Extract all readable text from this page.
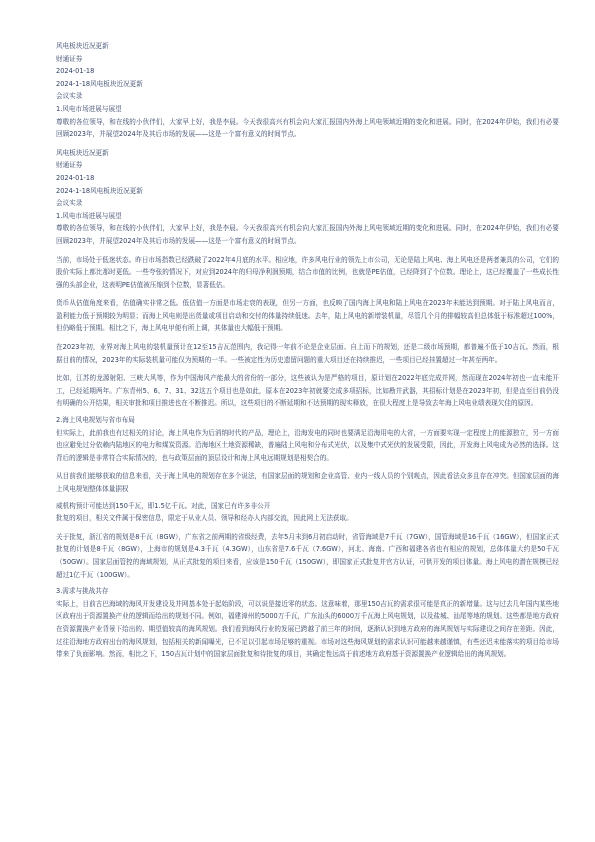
风电板块近况更新
财通证券
2024-01-18
2024-1-18风电板块近况更新
会议实录
1.风电市场进展与展望

尊敬的各位领导，和在线的小伙伴们，大家早上好，我是李晨。今天我很高兴有机会向大家汇报国内外海上风电领域近期的变化和进展。同时，在2024年伊始，我们有必要回顾2023年，并展望2024年及其后市场的发展——这是一个富有意义的时间节点。

风电板块近况更新
财通证券
2024-01-18
2024-1-18风电板块近况更新
会议实录
1.风电市场进展与展望

尊敬的各位领导，和在线的小伙伴们，大家早上好，我是李晨。今天我很高兴有机会向大家汇报国内外海上风电领域近期的变化和进展。同时，在2024年伊始，我们有必要回顾2023年，并展望2024年及其后市场的发展——这是一个富有意义的时间节点。

当前，市场处于低迷状态。昨日市场指数已经跌破了2022年4月底的水平。相应地，许多风电行业的领先上市公司，无论是陆上风电、海上风电还是两者兼具的公司，它们的股价实际上都比那时更低。一些夸张的情况下，对应到2024年的归母净利润预期，结合市值的比例，也就是PE估值，已经降到了个位数。理论上，这已经覆盖了一些成长性强的头部企业，这表明PE估值被压缩到个位数，显著低估。

货币从估值角度来看，估值确实非常之低。低估值一方面是市场走衰的表现，但另一方面，也反映了国内海上风电和陆上风电在2023年未能达到预期。对于陆上风电而言，盈利能力低于预期较为明显；而海上风电则是出货量或项目启动和交付的体量持续低迷。去年，陆上风电的新增装机量，尽管几个月的排幅较高但总体低于标准超过100%，但仍略低于预期。相比之下，海上风电甲便有所上调，其体量也大幅低于预期。

在2023年初，业界对海上风电的装机量预计在12至15吉瓦范围内，我记得一年前不论是企业层面、自上而下的规划，还是二级市场预期，都普遍不低于10吉瓦。然而，根据目前的情况，2023年的实际装机量可能仅为预期的一半。一些被定性为历史遗留问题的重大项目还在持续推迟，一些项目已经挂置超过一年甚至两年。

比如，江苏的龙源射阳、三峡大风等，作为中国海风产能最大的省份的一部分，这些被认为是严格的项目，原计划在2022年底完成并网，然而现在2024年初也一直未能开工，已经延期两年。广东青州5、6、7、31、32这五个项目也是如此，原本在2023年初就要完成多项招标，比如勘井武器，其招标计划是在2023年初，但是直至目前仍没有明确的公开结果，相关审批和项目推进也在不断推迟。所以，这些项目的不断延期和不达预期的现实释放，在很大程度上是导致去年海上风电业绩表现欠佳的原因。

2.海上风电规划与省市布局

但实际上，此前我也有过相关的讨论，海上风电作为后消纳时代的产品，理论上，沿海发电的同时也要满足沿海用电的大省，一方面要实现一定程度上的能源独立，另一方面也应避免过分依赖内陆地区的电力和煤炭资源。沿海地区土地资源稀缺，普遍陆上风电和分布式光伏，以及集中式光伏的发展受限，因此，开发海上风电成为必然的选择。这背后的逻辑是非常符合实际情况的，也与政策层面的顶层设计和海上风电远期规划是相契合的。

从目前我们能够获取的信息来看，关于海上风电的规划存在多个说法，有国家层面的规划和企业高管、业内一线人员的个别观点，因此看法众多且存在冲突。但国家层面的海上风电规划整体体量据权

威机构预计可能达到150千瓦，即1.5亿千瓦。对此，国家已有许多非公开
批复的项目，相关文件属于保密信息，限定于从业人员、领导和经办人内部交流，因此网上无法获取。

关于批复，浙江省的规划是8千瓦（8GW），广东省之前两期的省级经费，去年5月末到6月初启动时，省管海域是7千瓦（7GW），国管海域是16千瓦（16GW），但国家正式批复的计划是8千瓦（8GW），上海市的规划是4.3千瓦（4.3GW），山东省是7.6千瓦（7.6GW），河北、海南、广西和福建各省也有相应的规划，总体体量大约是50千瓦（50GW）。国家层面管控的海域规划，从正式批复的项目来看，应该是150千瓦（150GW），即国家正式批复并官方认证，可供开发的项目体量。海上风电的潜在规模已经超过1亿千瓦（100GW）。

3.需求与挑战共存

实际上，目前古巴海域的海风开发建设及并网基本处于起始阶段，可以说是接近零的状态。这意味着，那里150吉瓦的需求很可能是真正的新增量。这与过去几年国内某些地区政府出于资源置换产业的逻辑而给出的规划不同。例如，福建漳州的5000万千瓦，广东汕头的6000万千瓦海上风电规划，以及盐城、汕尾等地的规划。这些都是地方政府在资源置换产业背景下给出的、期望值较高的海风规划。我们看到海风行业的发展已跨越了前三年的时间，逐渐认识到地方政府的海风规划与实际建设之间存在差距。因此，过往沿海地方政府出台的海风规划，包括相关的新闻曝光，已不足以引起市场足够的重视。市场对这些海风规划的需求认识可能越来越谨慎，有些还迟未能落实的项目给市场带来了负面影响。然而，相比之下，150吉瓦计划中的国家层面批复和待批复的项目，其确定性远高于前述地方政府基于资源置换产业逻辑给出的海风规划。
